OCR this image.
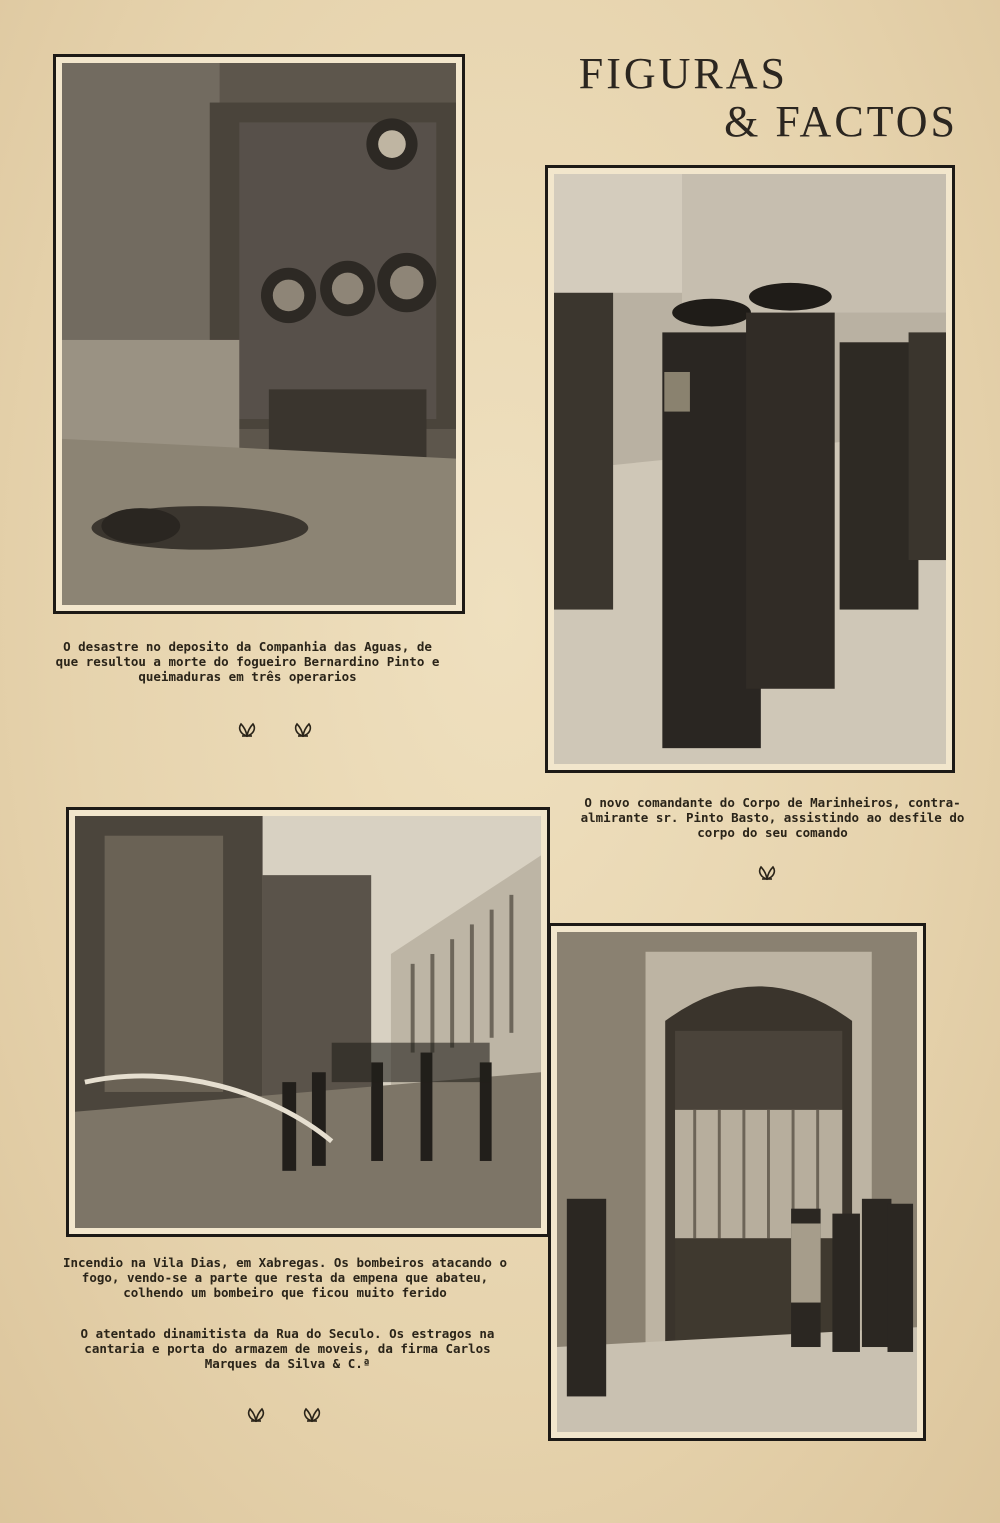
FIGURAS
& FACTOS
O desastre no deposito da Companhia das Aguas, de que resultou a morte do fogueiro Bernardino Pinto e queimaduras em três operarios
O novo comandante do Corpo de Marinheiros, contra-almirante sr. Pinto Basto, assistindo ao desfile do corpo do seu comando
Incendio na Vila Dias, em Xabregas. Os bombeiros atacando o fogo, vendo-se a parte que resta da empena que abateu, colhendo um bombeiro que ficou muito ferido
O atentado dinamitista da Rua do Seculo. Os estragos na cantaria e porta do armazem de moveis, da firma Carlos Marques da Silva & C.ª
